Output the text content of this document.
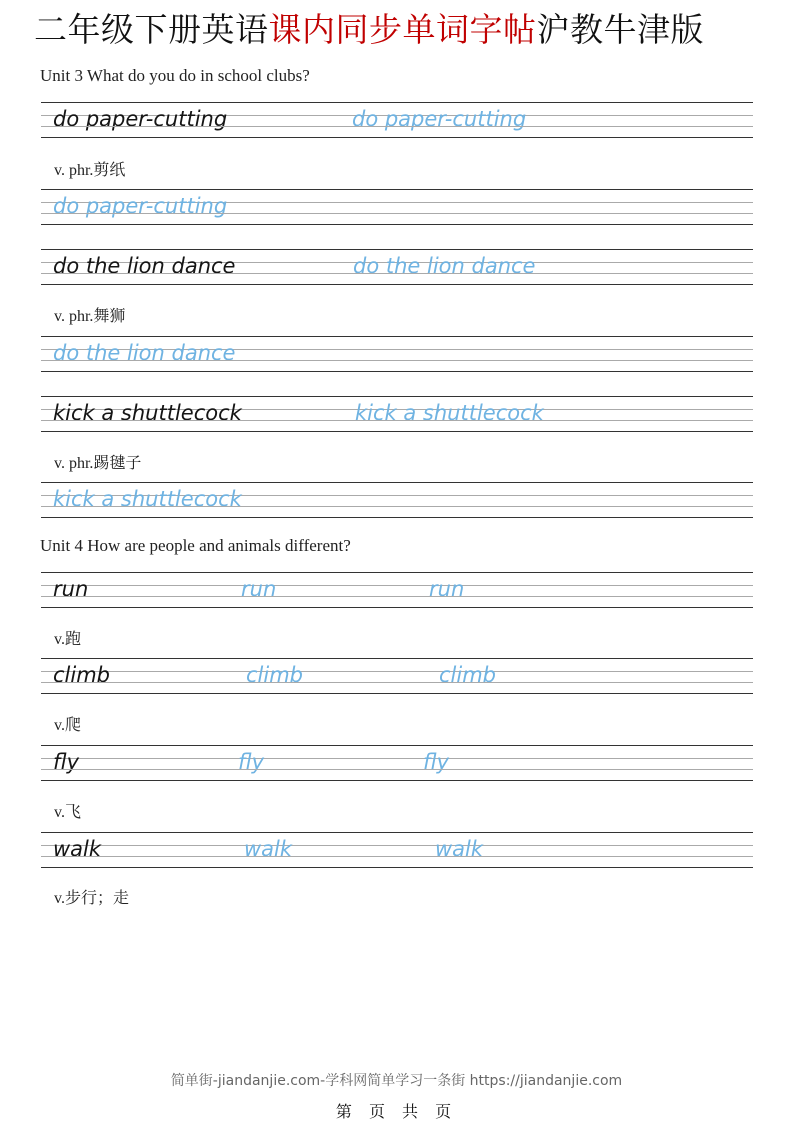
二年级下册英语课内同步单词字帖沪教牛津版
Unit 3 What do you do in school clubs?
do paper-cutting	do paper-cutting
v. phr.剪纸
do paper-cutting
do the lion dance	do the lion dance
v. phr.舞狮
do the lion dance
kick a shuttlecock	kick a shuttlecock
v. phr.踢毽子
kick a shuttlecock
Unit 4 How are people and animals different?
run	run	run
v.跑
climb	climb	climb
v.爬
fly	fly	fly
v.飞
walk	walk	walk
v.步行；走
简单街-jiandanjie.com-学科网简单学习一条街 https://jiandanjie.com
第 页 共 页
